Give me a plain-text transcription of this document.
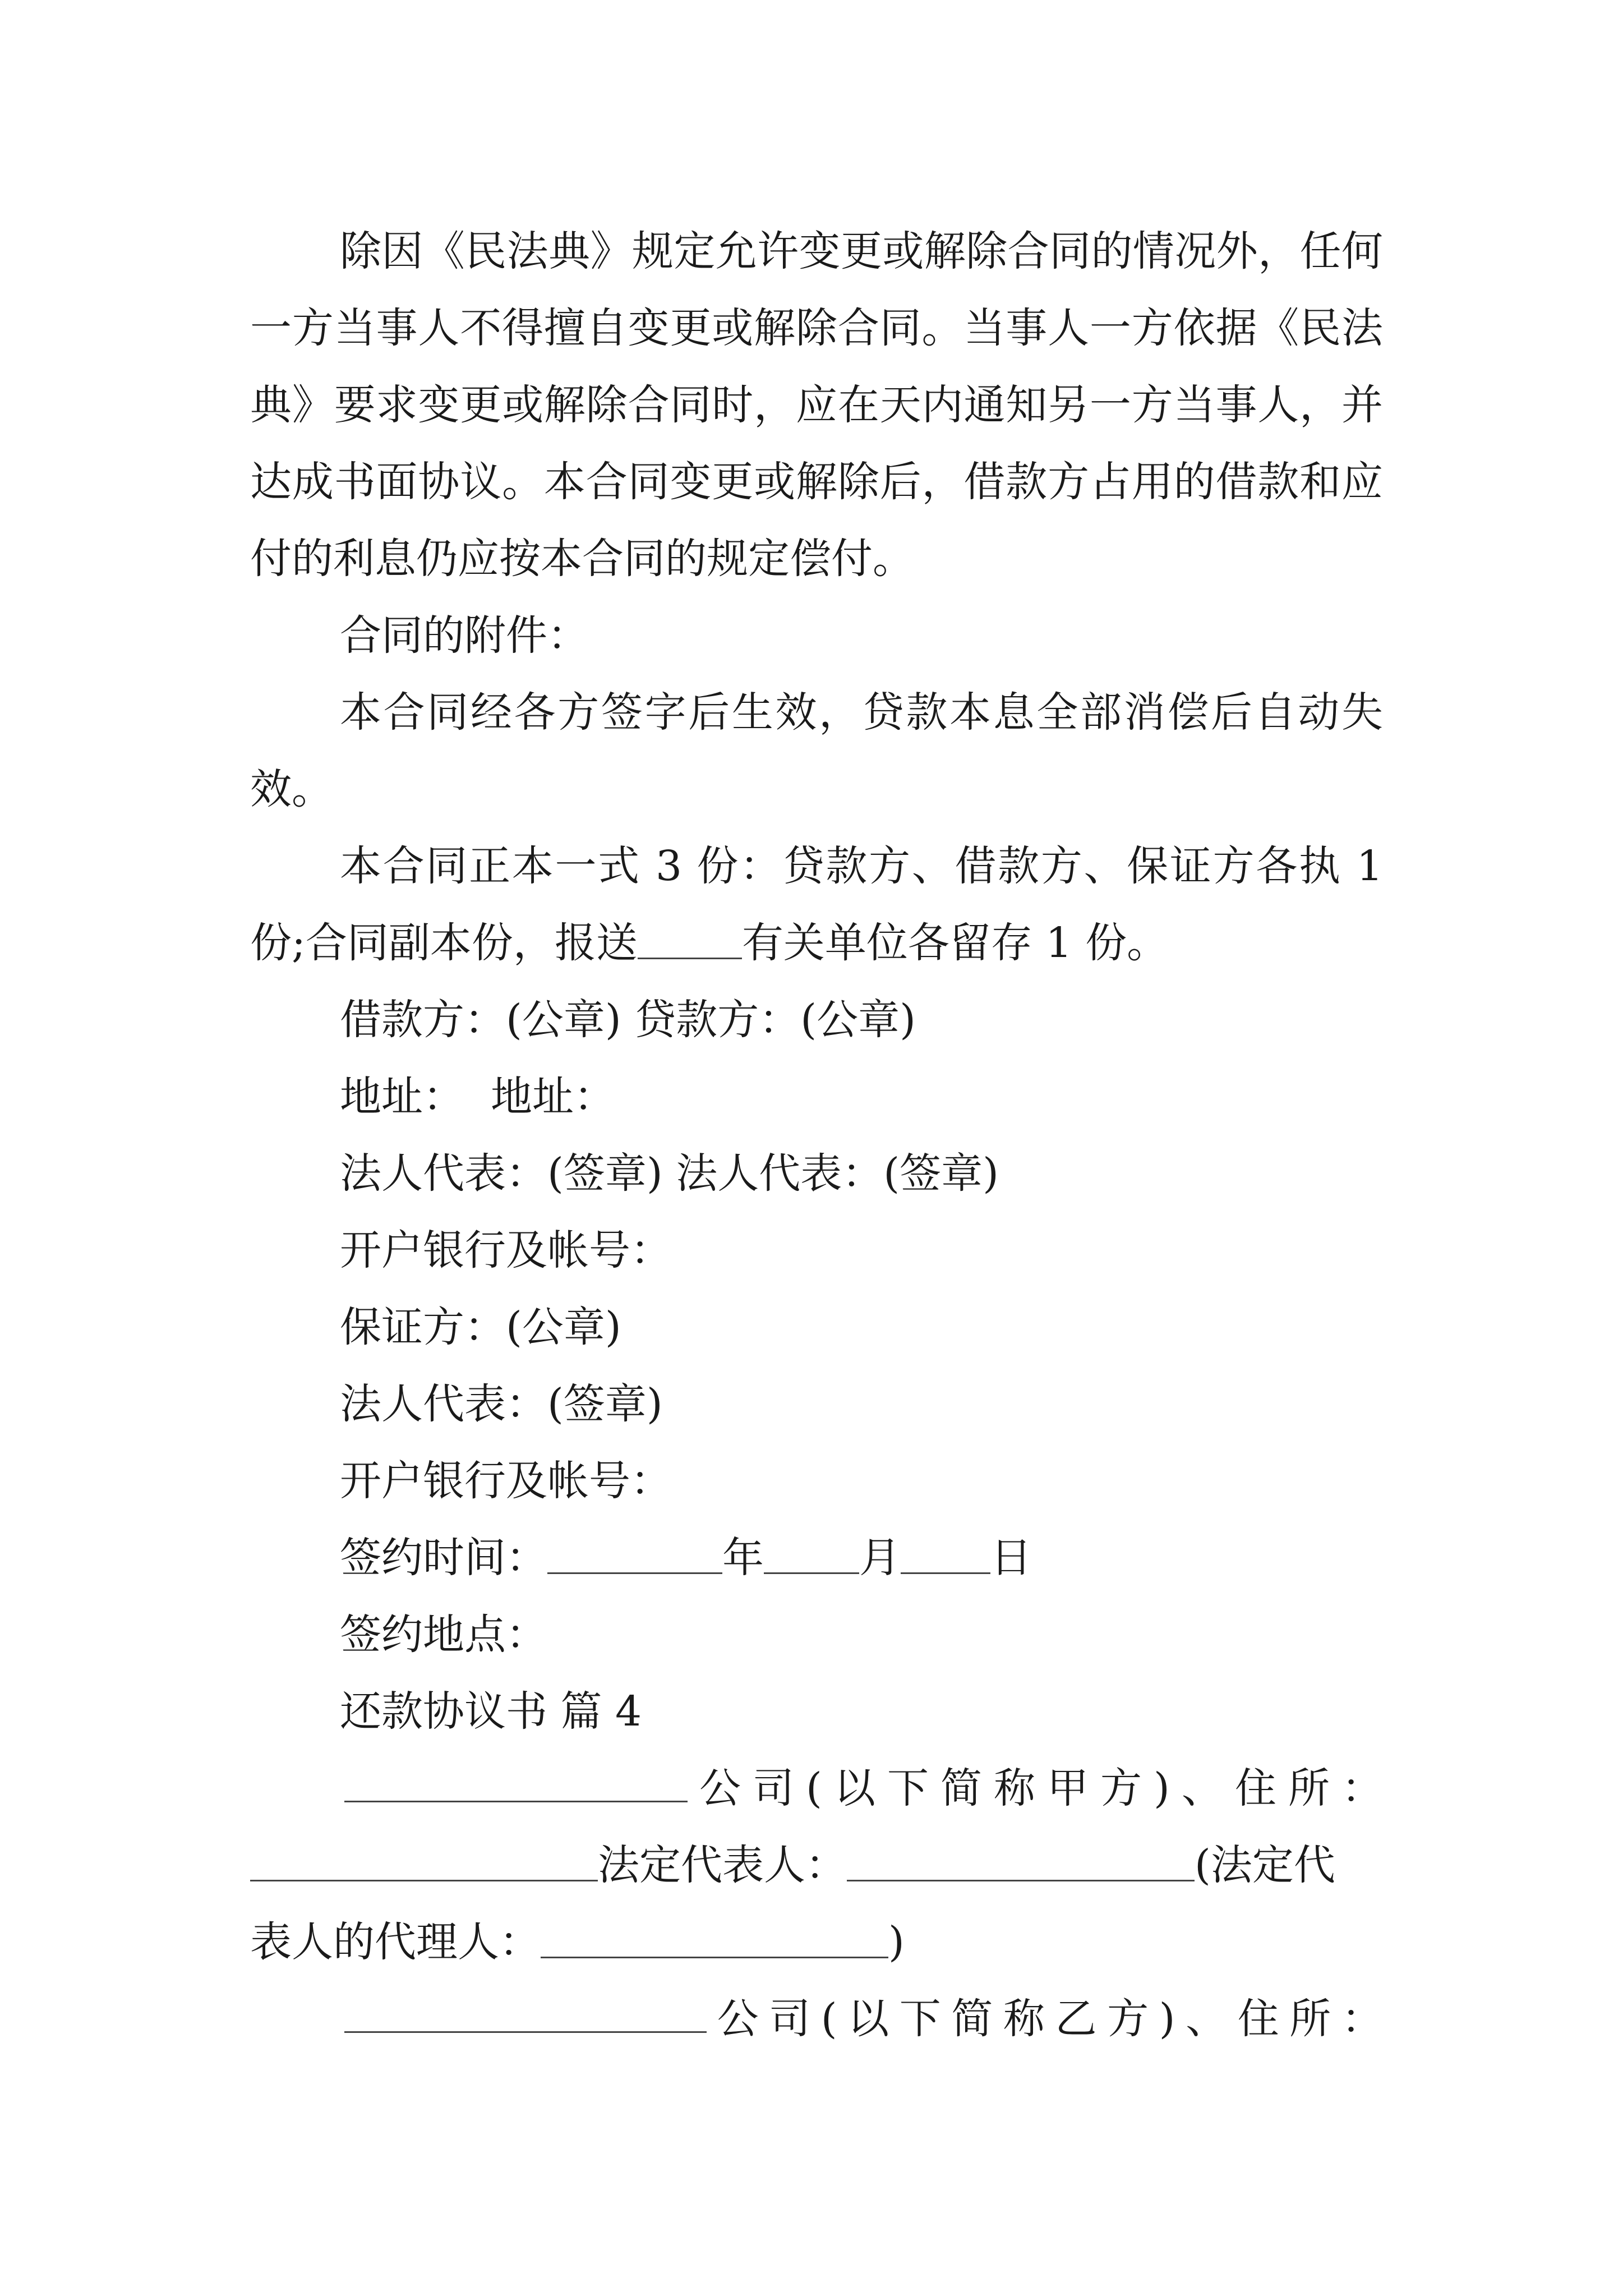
除因《民法典》规定允许变更或解除合同的情况外，任何一方当事人不得擅自变更或解除合同。当事人一方依据《民法典》要求变更或解除合同时，应在天内通知另一方当事人，并达成书面协议。本合同变更或解除后，借款方占用的借款和应付的利息仍应按本合同的规定偿付。

合同的附件：

本合同经各方签字后生效，贷款本息全部消偿后自动失效。

本合同正本一式 3 份：贷款方、借款方、保证方各执 1 份;合同副本份，报送	有关单位各留存 1 份。

借款方：(公章) 贷款方：(公章)

地址：  地址：

法人代表：(签章) 法人代表：(签章)

开户银行及帐号：

保证方：(公章)

法人代表：(签章)

开户银行及帐号：

签约时间：	年 月 日

签约地点：

还款协议书 篇 4

公 司 ( 以 下 简 称 甲 方 ) 、 住 所 ：

法定代表人：	(法定代

表人的代理人：	)

公 司 ( 以 下 简 称 乙 方 ) 、 住 所 ：
